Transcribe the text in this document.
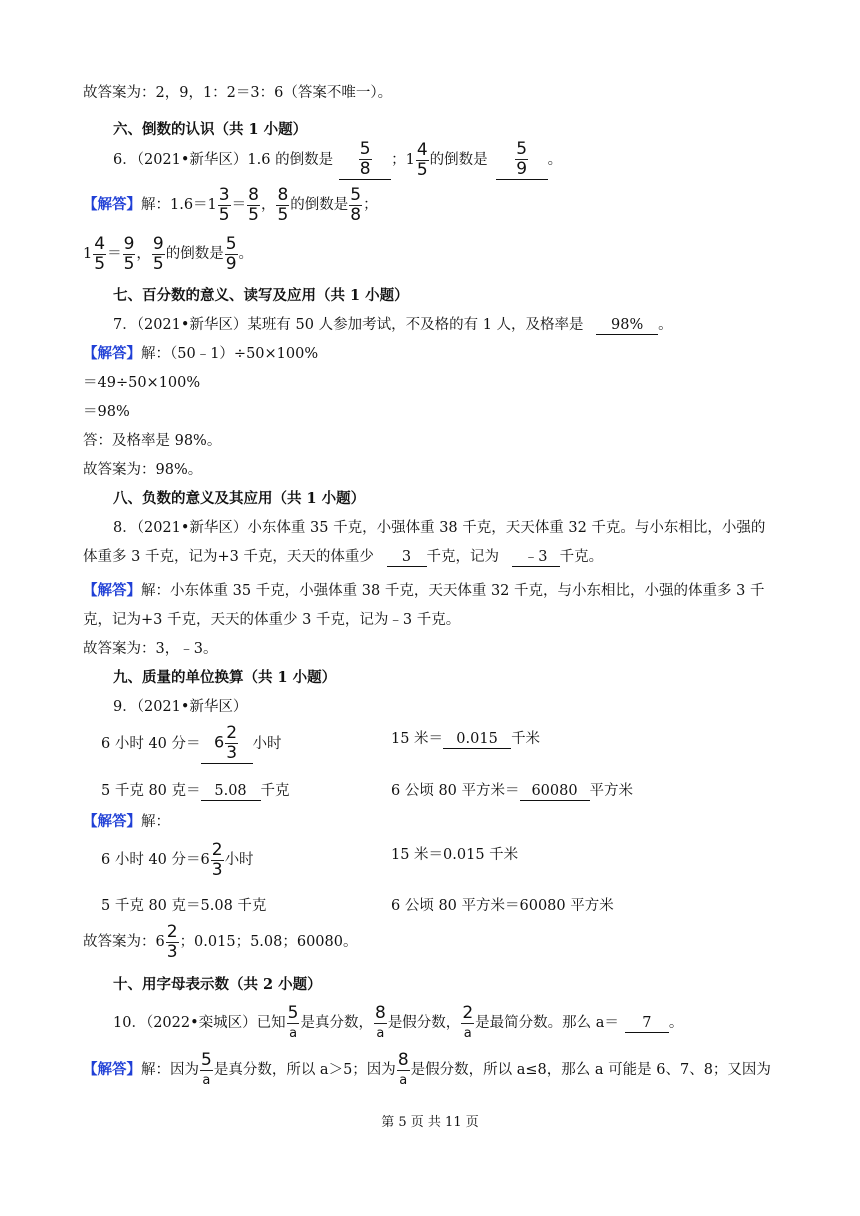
故答案为：2，9，1：2＝3：6（答案不唯一）。
六、倒数的认识（共 1 小题）
6．（2021•新华区）1.6 的倒数是 $\frac{5}{8}$ ；$1 \frac{4}{5}$ 的倒数是 $\frac{5}{9}$ 。
【解答】 解： $1.6=1 \frac{3}{5} = \frac{8}{5}$ ， $\frac{8}{5}$ 的倒数是 $\frac{5}{8}$ ；
$1 \frac{4}{5} = \frac{9}{5}$ ， $\frac{9}{5}$ 的倒数是 $\frac{5}{9}$ 。
七、百分数的意义、读写及应用（共 1 小题）
7．（2021•新华区）某班有 50 人参加考试，不及格的有 1 人，及格率是 98% 。
【解答】解：（50﹣1）÷50×100%
＝49÷50×100%
＝98%
答：及格率是 98%。
故答案为：98%。
八、负数的意义及其应用（共 1 小题）
8．（2021•新华区）小东体重 35 千克，小强体重 38 千克，天天体重 32 千克。与小东相比，小强的
体重多 3 千克，记为+3 千克，天天的体重少 3 千克，记为 ﹣3 千克。
【解答】解：小东体重 35 千克，小强体重 38 千克，天天体重 32 千克，与小东相比，小强的体重多 3 千
克，记为+3 千克，天天的体重少 3 千克，记为﹣3 千克。
故答案为：3，﹣3。
九、质量的单位换算（共 1 小题）
9．（2021•新华区）
6 小时 40 分＝ $6 \frac{2}{3}$ 小时	15 米＝ 0.015 千米
5 千克 80 克＝ 5.08 千克	6 公顷 80 平方米＝ 60080 平方米
【解答】解：
6 小时 40 分$=6 \frac{2}{3}$ 小时	15 米＝0.015 千米
5 千克 80 克＝5.08 千克	6 公顷 80 平方米＝60080 平方米
故答案为：$6 \frac{2}{3}$ ；0.015；5.08；60080。
十、用字母表示数（共 2 小题）
10．（2022•栾城区）已知 $\frac{5}{a}$ 是真分数， $\frac{8}{a}$ 是假分数， $\frac{2}{a}$ 是最简分数。那么 a＝	7	。
【解答】 解：因为 $\frac{5}{a}$ 是真分数，所以 a＞5；因为 $\frac{8}{a}$ 是假分数，所以 a≤8，那么 a 可能是 6、7、8；又因为
第 5 页 共 11 页
